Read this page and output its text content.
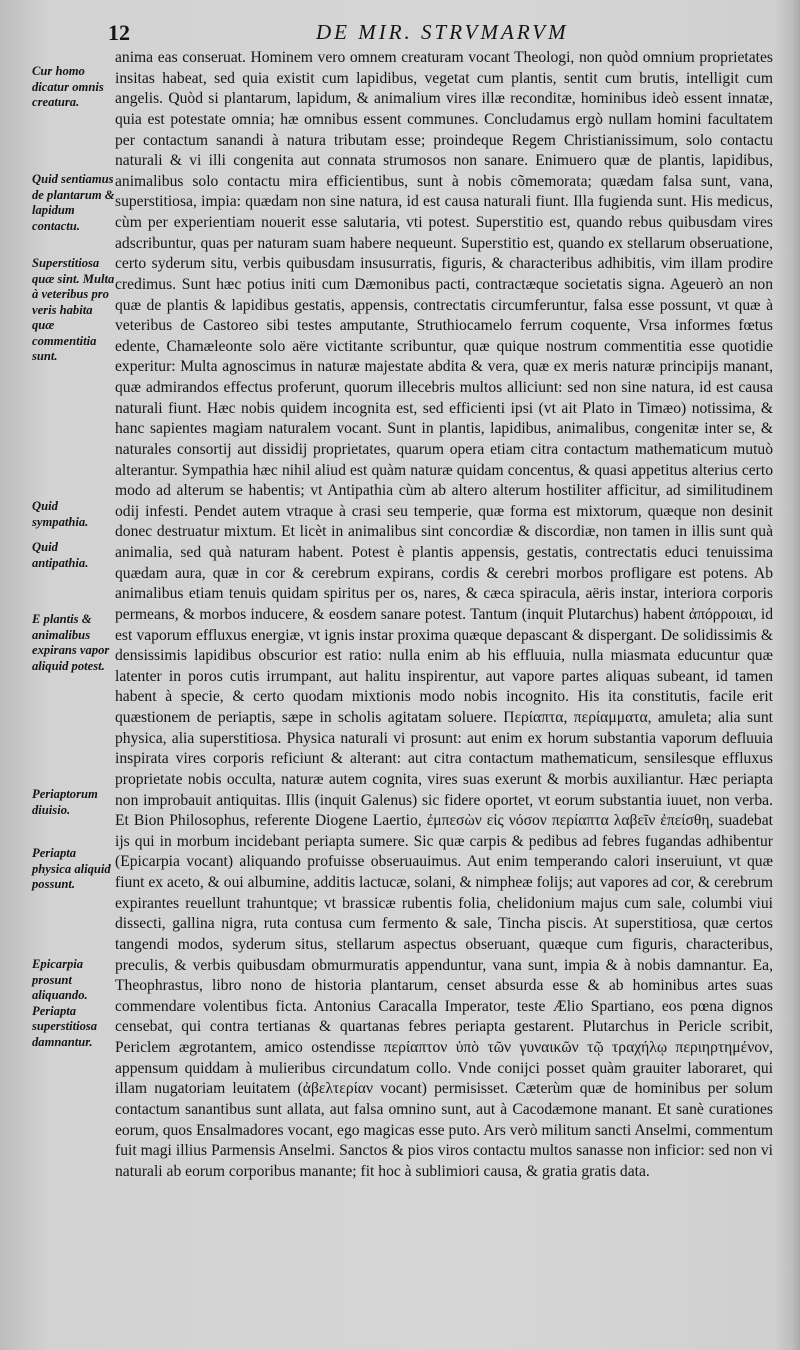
12	DE MIR. STRVMARVM
Cur homo dicatur omnis creatura.
Quid sentiamus de plantarum & lapidum contactu.
Superstitiosa quæ sint. Multa à veteribus pro veris habita quæ commentitia sunt.
Quid sympathia.
Quid antipathia.
E plantis & animalibus expirans vapor aliquid potest.
Periaptorum diuisio.
Periapta physica aliquid possunt.
Epicarpia prosunt aliquando. Periapta superstitiosa damnantur.

anima eas conseruat. Hominem vero omnem creaturam vocant Theologi, non quòd omnium proprietates insitas habeat, sed quia existit cum lapidibus, vegetat cum plantis, sentit cum brutis, intelligit cum angelis. Quòd si plantarum, lapidum, & animalium vires illæ reconditæ, hominibus ideò essent innatæ, quia est potestate omnia; hæ omnibus essent communes. Concludamus ergò nullam homini facultatem per contactum sanandi à natura tributam esse; proindeque Regem Christianissimum, solo contactu naturali & vi illi congenita aut connata strumosos non sanare. Enimuero quæ de plantis, lapidibus, animalibus solo contactu mira efficientibus, sunt à nobis cõmemorata; quædam falsa sunt, vana, superstitiosa, impia: quædam non sine natura, id est causa naturali fiunt. Illa fugienda sunt. His medicus, cùm per experientiam nouerit esse salutaria, vti potest. Superstitio est, quando rebus quibusdam vires adscribuntur, quas per naturam suam habere nequeunt. Superstitio est, quando ex stellarum obseruatione, certo syderum situ, verbis quibusdam insusurratis, figuris, & characteribus adhibitis, vim illam prodire credimus. Sunt hæc potius initi cum Dæmonibus pacti, contractæque societatis signa. Ageuerò an non quæ de plantis & lapidibus gestatis, appensis, contrectatis circumferuntur, falsa esse possunt, vt quæ à veteribus de Castoreo sibi testes amputante, Struthiocamelo ferrum coquente, Vrsa informes fœtus edente, Chamæleonte solo aëre victitante scribuntur, quæ quique nostrum commentitia esse quotidie experitur: Multa agnoscimus in naturæ majestate abdita & vera, quæ ex meris naturæ principijs manant, quæ admirandos effectus proferunt, quorum illecebris multos alliciunt: sed non sine natura, id est causa naturali fiunt. Hæc nobis quidem incognita est, sed efficienti ipsi (vt ait Plato in Timæo) notissima, & hanc sapientes magiam naturalem vocant. Sunt in plantis, lapidibus, animalibus, congenitæ inter se, & naturales consortij aut dissidij proprietates, quarum opera etiam citra contactum mathematicum mutuò alterantur. Sympathia hæc nihil aliud est quàm naturæ quidam concentus, & quasi appetitus alterius certo modo ad alterum se habentis; vt Antipathia cùm ab altero alterum hostiliter afficitur, ad similitudinem odij infesti. Pendet autem vtraque à crasi seu temperie, quæ forma est mixtorum, quæque non desinit donec destruatur mixtum. Et licèt in animalibus sint concordiæ & discordiæ, non tamen in illis sunt quà animalia, sed quà naturam habent. Potest è plantis appensis, gestatis, contrectatis educi tenuissima quædam aura, quæ in cor & cerebrum expirans, cordis & cerebri morbos profligare est potens. Ab animalibus etiam tenuis quidam spiritus per os, nares, & cæca spiracula, aëris instar, interiora corporis permeans, & morbos inducere, & eosdem sanare potest. Tantum (inquit Plutarchus) habent ἀπόρροιαι, id est vaporum effluxus energiæ, vt ignis instar proxima quæque depascant & dispergant. De solidissimis & densissimis lapidibus obscurior est ratio: nulla enim ab his effluuia, nulla miasmata educuntur quæ latenter in poros cutis irrumpant, aut halitu inspirentur, aut vapore partes aliquas subeant, id tamen habent à specie, & certo quodam mixtionis modo nobis incognito. His ita constitutis, facile erit quæstionem de periaptis, sæpe in scholis agitatam soluere. Περίαπτα, περίαμματα, amuleta; alia sunt physica, alia superstitiosa. Physica naturali vi prosunt: aut enim ex horum substantia vaporum defluuia inspirata vires corporis reficiunt & alterant: aut citra contactum mathematicum, sensilesque effluxus proprietate nobis occulta, naturæ autem cognita, vires suas exerunt & morbis auxiliantur. Hæc periapta non improbauit antiquitas. Illis (inquit Galenus) sic fidere oportet, vt eorum substantia iuuet, non verba. Et Bion Philosophus, referente Diogene Laertio, ἐμπεσὼν εἰς νόσον περίαπτα λαβεῖν ἐπείσθη, suadebat ijs qui in morbum incidebant periapta sumere. Sic quæ carpis & pedibus ad febres fugandas adhibentur (Epicarpia vocant) aliquando profuisse obseruauimus. Aut enim temperando calori inseruiunt, vt quæ fiunt ex aceto, & oui albumine, additis lactucæ, solani, & nimpheæ folijs; aut vapores ad cor, & cerebrum expirantes reuellunt trahuntque; vt brassicæ rubentis folia, chelidonium majus cum sale, columbi viui dissecti, gallina nigra, ruta contusa cum fermento & sale, Tincha piscis. At superstitiosa, quæ certos tangendi modos, syderum situs, stellarum aspectus obseruant, quæque cum figuris, characteribus, preculis, & verbis quibusdam obmurmuratis appenduntur, vana sunt, impia & à nobis damnantur. Ea, Theophrastus, libro nono de historia plantarum, censet absurda esse & ab hominibus artes suas commendare volentibus ficta. Antonius Caracalla Imperator, teste Ælio Spartiano, eos pœna dignos censebat, qui contra tertianas & quartanas febres periapta gestarent. Plutarchus in Pericle scribit, Periclem ægrotantem, amico ostendisse περίαπτον ὑπὸ τῶν γυναικῶν τῷ τραχήλῳ περιηρτημένον, appensum quiddam à mulieribus circundatum collo. Vnde conijci posset quàm grauiter laboraret, qui illam nugatoriam leuitatem (ἀβελτερίαν vocant) permisisset. Cæterùm quæ de hominibus per solum contactum sanantibus sunt allata, aut falsa omnino sunt, aut à Cacodæmone manant. Et sanè curationes eorum, quos Ensalmadores vocant, ego magicas esse puto. Ars verò militum sancti Anselmi, commentum fuit magi illius Parmensis Anselmi. Sanctos & pios viros contactu multos sanasse non inficior: sed non vi naturali ab eorum corporibus manante; fit hoc à sublimiori causa, & gratia gratis data.
